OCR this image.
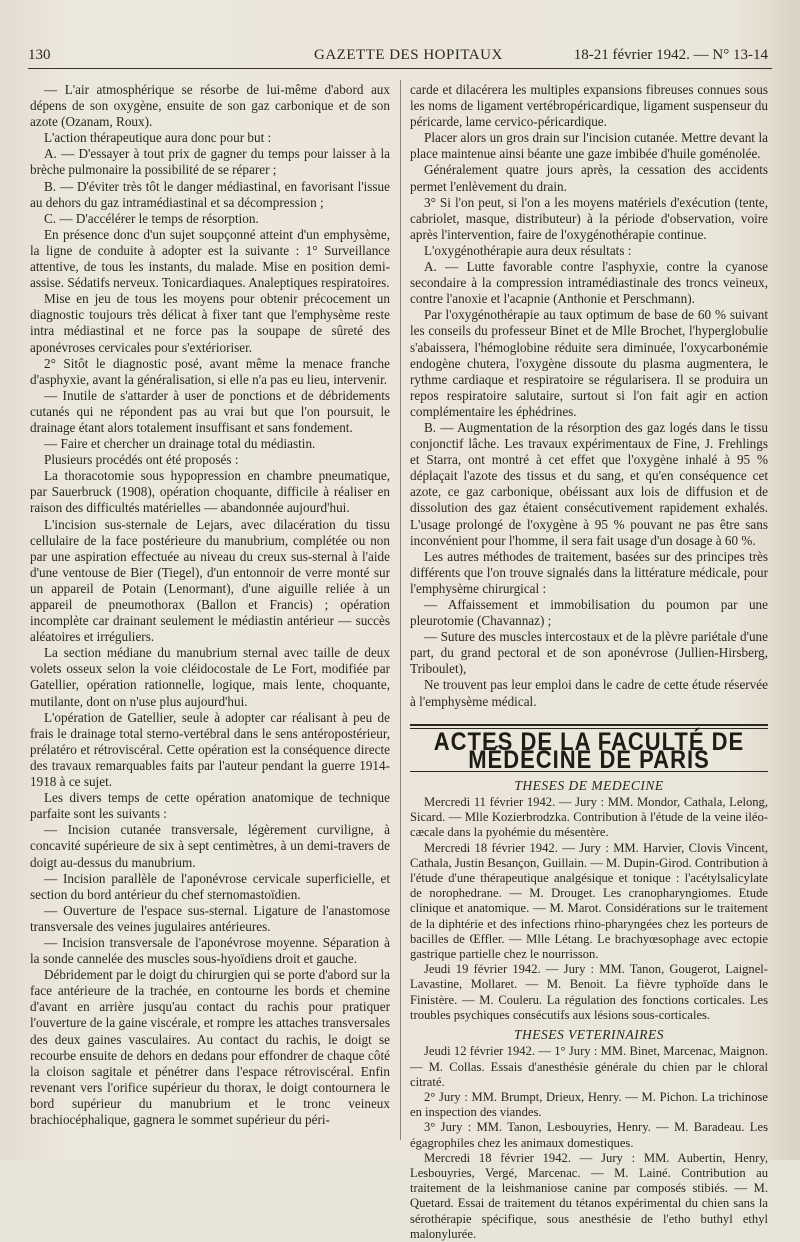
130	GAZETTE DES HOPITAUX	18-21 février 1942. — N° 13-14

— L'air atmosphérique se résorbe de lui-même d'abord aux dépens de son oxygène, ensuite de son gaz carbonique et de son azote (Ozanam, Roux).

L'action thérapeutique aura donc pour but :

A. — D'essayer à tout prix de gagner du temps pour laisser à la brèche pulmonaire la possibilité de se réparer ;

B. — D'éviter très tôt le danger médiastinal, en favorisant l'issue au dehors du gaz intramédiastinal et sa décompression ;

C. — D'accélérer le temps de résorption.

En présence donc d'un sujet soupçonné atteint d'un emphysème, la ligne de conduite à adopter est la suivante : 1° Surveillance attentive, de tous les instants, du malade. Mise en position demi-assise. Sédatifs nerveux. Tonicardiaques. Analeptiques respiratoires.

Mise en jeu de tous les moyens pour obtenir précocement un diagnostic toujours très délicat à fixer tant que l'emphysème reste intra médiastinal et ne force pas la soupape de sûreté des aponévroses cervicales pour s'extérioriser.

2° Sitôt le diagnostic posé, avant même la menace franche d'asphyxie, avant la généralisation, si elle n'a pas eu lieu, intervenir.

— Inutile de s'attarder à user de ponctions et de débridements cutanés qui ne répondent pas au vrai but que l'on poursuit, le drainage étant alors totalement insuffisant et sans fondement.

— Faire et chercher un drainage total du médiastin.

Plusieurs procédés ont été proposés :

La thoracotomie sous hypopression en chambre pneumatique, par Sauerbruck (1908), opération choquante, difficile à réaliser en raison des difficultés matérielles — abandonnée aujourd'hui.

L'incision sus-sternale de Lejars, avec dilacération du tissu cellulaire de la face postérieure du manubrium, complétée ou non par une aspiration effectuée au niveau du creux sus-sternal à l'aide d'une ventouse de Bier (Tiegel), d'un entonnoir de verre monté sur un appareil de Potain (Lenormant), d'une aiguille reliée à un appareil de pneumothorax (Ballon et Francis) ; opération incomplète car drainant seulement le médiastin antérieur — succès aléatoires et irréguliers.

La section médiane du manubrium sternal avec taille de deux volets osseux selon la voie cléidocostale de Le Fort, modifiée par Gatellier, opération rationnelle, logique, mais lente, choquante, mutilante, dont on n'use plus aujourd'hui.

L'opération de Gatellier, seule à adopter car réalisant à peu de frais le drainage total sterno-vertébral dans le sens antéropostérieur, prélatéro et rétroviscéral. Cette opération est la conséquence directe des travaux remarquables faits par l'auteur pendant la guerre 1914-1918 à ce sujet.

Les divers temps de cette opération anatomique de technique parfaite sont les suivants :

— Incision cutanée transversale, légèrement curviligne, à concavité supérieure de six à sept centimètres, à un demi-travers de doigt au-dessus du manubrium.

— Incision parallèle de l'aponévrose cervicale superficielle, et section du bord antérieur du chef sternomastoïdien.

— Ouverture de l'espace sus-sternal. Ligature de l'anastomose transversale des veines jugulaires antérieures.

— Incision transversale de l'aponévrose moyenne. Séparation à la sonde cannelée des muscles sous-hyoïdiens droit et gauche.

Débridement par le doigt du chirurgien qui se porte d'abord sur la face antérieure de la trachée, en contourne les bords et chemine d'avant en arrière jusqu'au contact du rachis pour pratiquer l'ouverture de la gaine viscérale, et rompre les attaches transversales des deux gaines vasculaires. Au contact du rachis, le doigt se recourbe ensuite de dehors en dedans pour effondrer de chaque côté la cloison sagitale et pénétrer dans l'espace rétroviscéral. Enfin revenant vers l'orifice supérieur du thorax, le doigt contournera le bord supérieur du manubrium et le tronc veineux brachiocéphalique, gagnera le sommet supérieur du péri-

carde et dilacérera les multiples expansions fibreuses connues sous les noms de ligament vertébropéricardique, ligament suspenseur du péricarde, lame cervico-péricardique.

Placer alors un gros drain sur l'incision cutanée. Mettre devant la place maintenue ainsi béante une gaze imbibée d'huile goménolée.

Généralement quatre jours après, la cessation des accidents permet l'enlèvement du drain.

3° Si l'on peut, si l'on a les moyens matériels d'exécution (tente, cabriolet, masque, distributeur) à la période d'observation, voire après l'intervention, faire de l'oxygénothérapie continue.

L'oxygénothérapie aura deux résultats :

A. — Lutte favorable contre l'asphyxie, contre la cyanose secondaire à la compression intramédiastinale des troncs veineux, contre l'anoxie et l'acapnie (Anthonie et Perschmann).

Par l'oxygénothérapie au taux optimum de base de 60 % suivant les conseils du professeur Binet et de Mlle Brochet, l'hyperglobulie s'abaissera, l'hémoglobine réduite sera diminuée, l'oxycarbonémie endogène chutera, l'oxygène dissoute du plasma augmentera, le rythme cardiaque et respiratoire se régularisera. Il se produira un repos respiratoire salutaire, surtout si l'on fait agir en action complémentaire les éphédrines.

B. — Augmentation de la résorption des gaz logés dans le tissu conjonctif lâche. Les travaux expérimentaux de Fine, J. Frehlings et Starra, ont montré à cet effet que l'oxygène inhalé à 95 % déplaçait l'azote des tissus et du sang, et qu'en conséquence cet azote, ce gaz carbonique, obéissant aux lois de diffusion et de dissolution des gaz étaient consécutivement rapidement exhalés. L'usage prolongé de l'oxygène à 95 % pouvant ne pas être sans inconvénient pour l'homme, il sera fait usage d'un dosage à 60 %.

Les autres méthodes de traitement, basées sur des principes très différents que l'on trouve signalés dans la littérature médicale, pour l'emphysème chirurgical :

— Affaissement et immobilisation du poumon par une pleurotomie (Chavannaz) ;

— Suture des muscles intercostaux et de la plèvre pariétale d'une part, du grand pectoral et de son aponévrose (Jullien-Hirsberg, Triboulet),

Ne trouvent pas leur emploi dans le cadre de cette étude réservée à l'emphysème médical.

ACTES DE LA FACULTÉ DE MÉDECINE DE PARIS
THESES DE MEDECINE

Mercredi 11 février 1942. — Jury : MM. Mondor, Cathala, Lelong, Sicard. — Mlle Kozierbrodzka. Contribution à l'étude de la veine iléo-cæcale dans la pyohémie du mésentère.

Mercredi 18 février 1942. — Jury : MM. Harvier, Clovis Vincent, Cathala, Justin Besançon, Guillain. — M. Dupin-Girod. Contribution à l'étude d'une thérapeutique analgésique et tonique : l'acétylsalicylate de norophedrane. — M. Drouget. Les cranopharyngiomes. Etude clinique et anatomique. — M. Marot. Considérations sur le traitement de la diphtérie et des infections rhino-pharyngées chez les porteurs de bacilles de Œffler. — Mlle Létang. Le brachyœsophage avec ectopie gastrique partielle chez le nourrisson.

Jeudi 19 février 1942. — Jury : MM. Tanon, Gougerot, Laignel-Lavastine, Mollaret. — M. Benoit. La fièvre typhoïde dans le Finistère. — M. Couleru. La régulation des fonctions corticales. Les troubles psychiques consécutifs aux lésions sous-corticales.

THESES VETERINAIRES

Jeudi 12 février 1942. — 1° Jury : MM. Binet, Marcenac, Maignon. — M. Collas. Essais d'anesthésie générale du chien par le chloral citraté.

2° Jury : MM. Brumpt, Drieux, Henry. — M. Pichon. La trichinose en inspection des viandes.

3° Jury : MM. Tanon, Lesbouyries, Henry. — M. Baradeau. Les égagrophiles chez les animaux domestiques.

Mercredi 18 février 1942. — Jury : MM. Aubertin, Henry, Lesbouyries, Vergé, Marcenac. — M. Lainé. Contribution au traitement de la leishmaniose canine par composés stibiés. — M. Quetard. Essai de traitement du tétanos expérimental du chien sans la sérothérapie spécifique, sous anesthésie de l'etho buthyl ethyl malonylurée.
